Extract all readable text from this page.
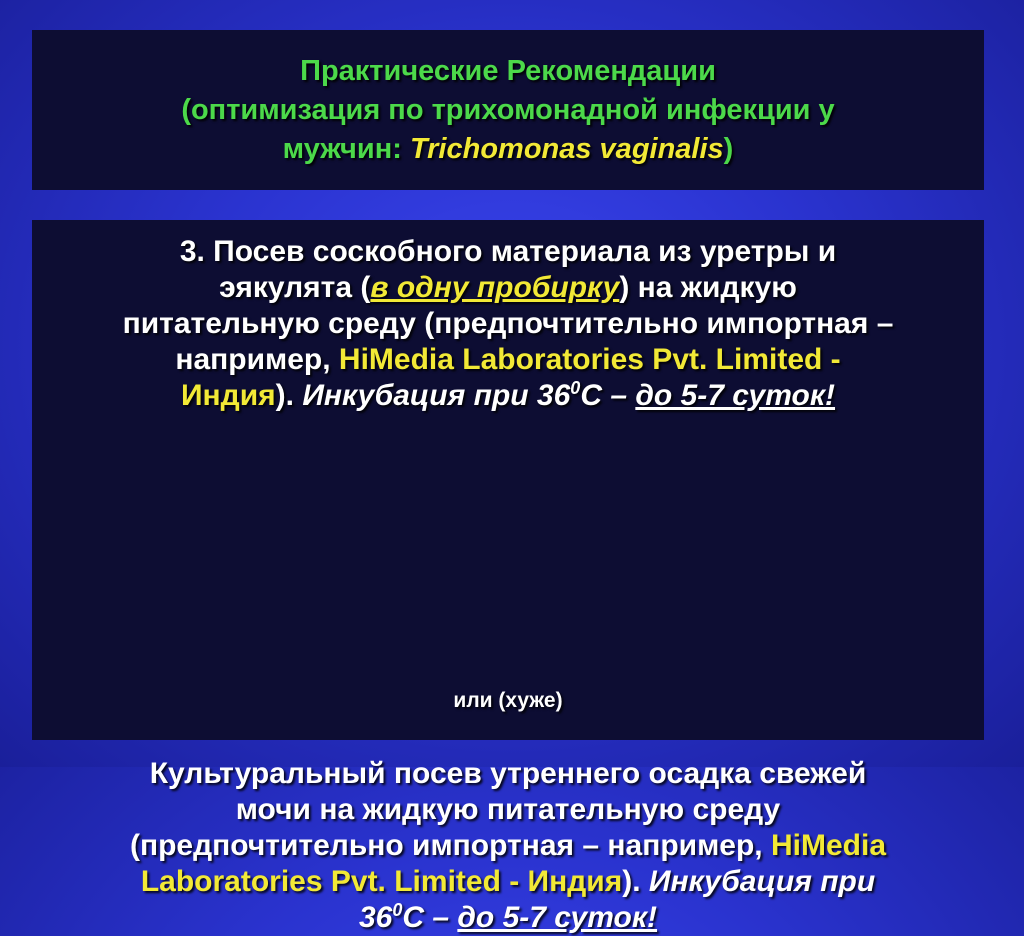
Практические Рекомендации
(оптимизация по трихомонадной инфекции у
мужчин: Trichomonas vaginalis)
3. Посев соскобного материала из уретры и
эякулята (в одну пробирку) на жидкую
питательную среду (предпочтительно импортная –
например, HiMedia Laboratories Pvt. Limited -
Индия). Инкубация при $36^0С$ – до 5-7 суток!
или (хуже)
Культуральный посев утреннего осадка свежей
мочи на жидкую питательную среду
(предпочтительно импортная – например, HiMedia
Laboratories Pvt. Limited - Индия). Инкубация при
$36^0С$ – до 5-7 суток!
